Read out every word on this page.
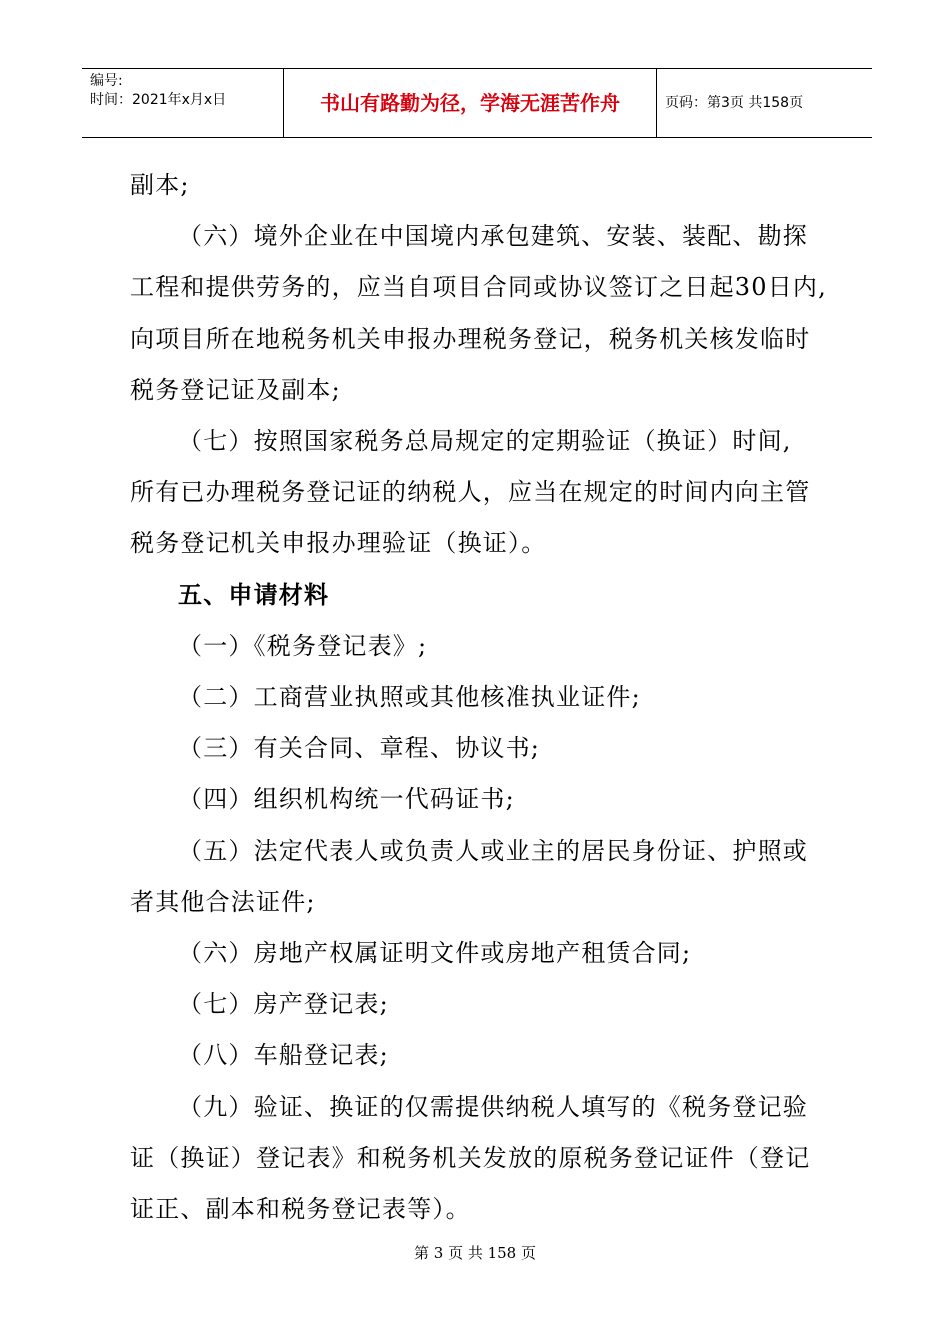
编号:
时间：2021年x月x日	书山有路勤为径，学海无涯苦作舟	页码：第3页 共158页

副本;

（六）境外企业在中国境内承包建筑、安装、装配、勘探

工程和提供劳务的，应当自项目合同或协议签订之日起30日内,

向项目所在地税务机关申报办理税务登记，税务机关核发临时

税务登记证及副本;

（七）按照国家税务总局规定的定期验证（换证）时间,

所有已办理税务登记证的纳税人，应当在规定的时间内向主管

税务登记机关申报办理验证（换证）。

五、申请材料

（一）《税务登记表》;

（二）工商营业执照或其他核准执业证件;

（三）有关合同、章程、协议书;

（四）组织机构统一代码证书;

（五）法定代表人或负责人或业主的居民身份证、护照或

者其他合法证件;

（六）房地产权属证明文件或房地产租赁合同;

（七）房产登记表;

（八）车船登记表;

（九）验证、换证的仅需提供纳税人填写的《税务登记验

证（换证）登记表》和税务机关发放的原税务登记证件（登记

证正、副本和税务登记表等）。

第 3 页 共 158 页
